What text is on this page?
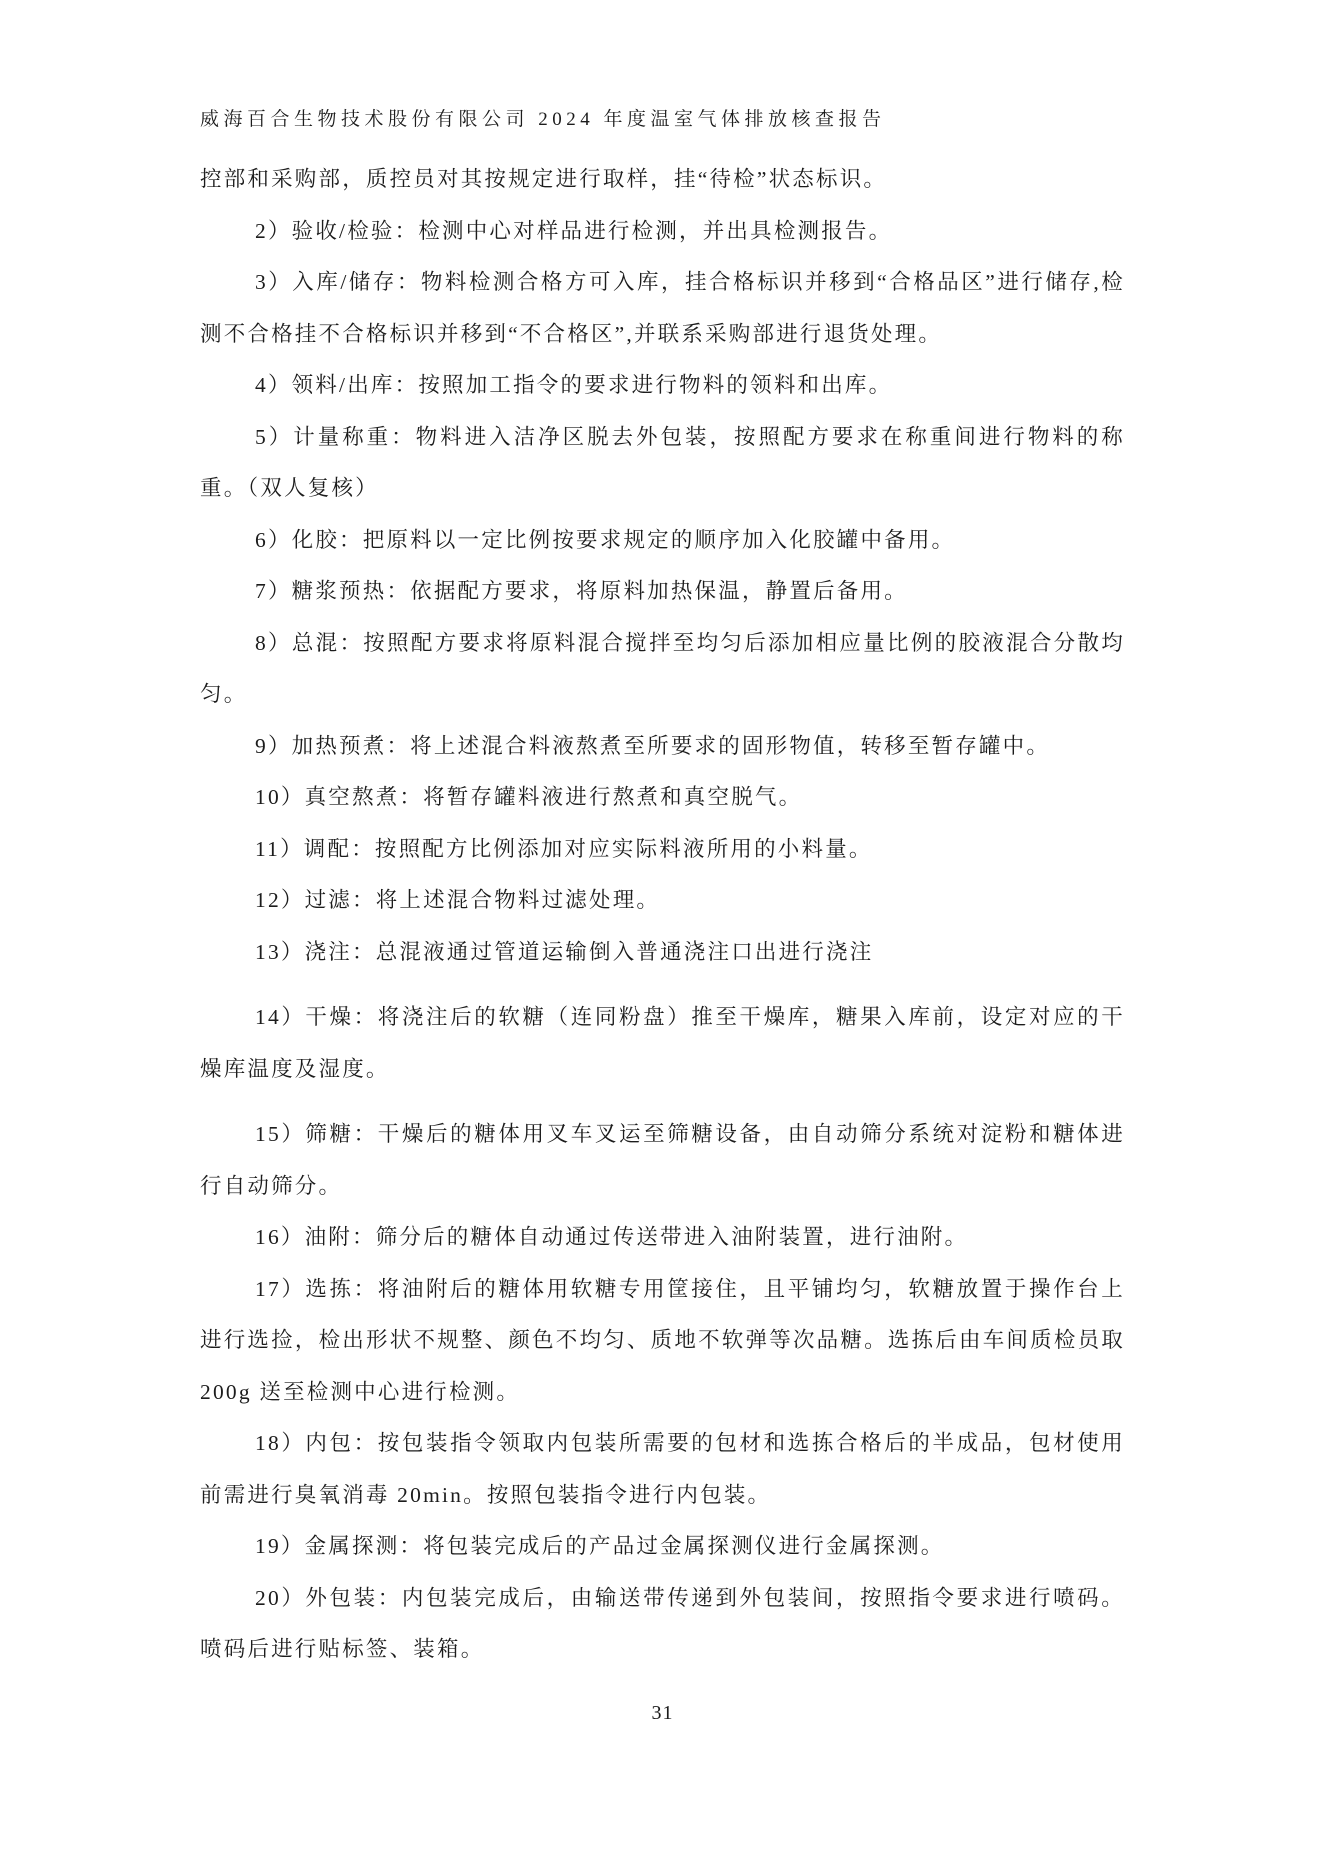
威海百合生物技术股份有限公司 2024 年度温室气体排放核查报告

控部和采购部，质控员对其按规定进行取样，挂“待检”状态标识。

2）验收/检验：检测中心对样品进行检测，并出具检测报告。

3）入库/储存：物料检测合格方可入库，挂合格标识并移到“合格品区”进行储存,检测不合格挂不合格标识并移到“不合格区”,并联系采购部进行退货处理。

4）领料/出库：按照加工指令的要求进行物料的领料和出库。

5）计量称重：物料进入洁净区脱去外包装，按照配方要求在称重间进行物料的称重。（双人复核）

6）化胶：把原料以一定比例按要求规定的顺序加入化胶罐中备用。

7）糖浆预热：依据配方要求，将原料加热保温，静置后备用。

8）总混：按照配方要求将原料混合搅拌至均匀后添加相应量比例的胶液混合分散均匀。

9）加热预煮：将上述混合料液熬煮至所要求的固形物值，转移至暂存罐中。

10）真空熬煮：将暂存罐料液进行熬煮和真空脱气。

11）调配：按照配方比例添加对应实际料液所用的小料量。

12）过滤：将上述混合物料过滤处理。

13）浇注：总混液通过管道运输倒入普通浇注口出进行浇注

14）干燥：将浇注后的软糖（连同粉盘）推至干燥库，糖果入库前，设定对应的干燥库温度及湿度。

15）筛糖：干燥后的糖体用叉车叉运至筛糖设备，由自动筛分系统对淀粉和糖体进行自动筛分。

16）油附：筛分后的糖体自动通过传送带进入油附装置，进行油附。

17）选拣：将油附后的糖体用软糖专用筐接住，且平铺均匀，软糖放置于操作台上进行选捡，检出形状不规整、颜色不均匀、质地不软弹等次品糖。选拣后由车间质检员取 200g 送至检测中心进行检测。

18）内包：按包装指令领取内包装所需要的包材和选拣合格后的半成品，包材使用前需进行臭氧消毒 20min。按照包装指令进行内包装。

19）金属探测：将包装完成后的产品过金属探测仪进行金属探测。

20）外包装：内包装完成后，由输送带传递到外包装间，按照指令要求进行喷码。喷码后进行贴标签、装箱。

31
